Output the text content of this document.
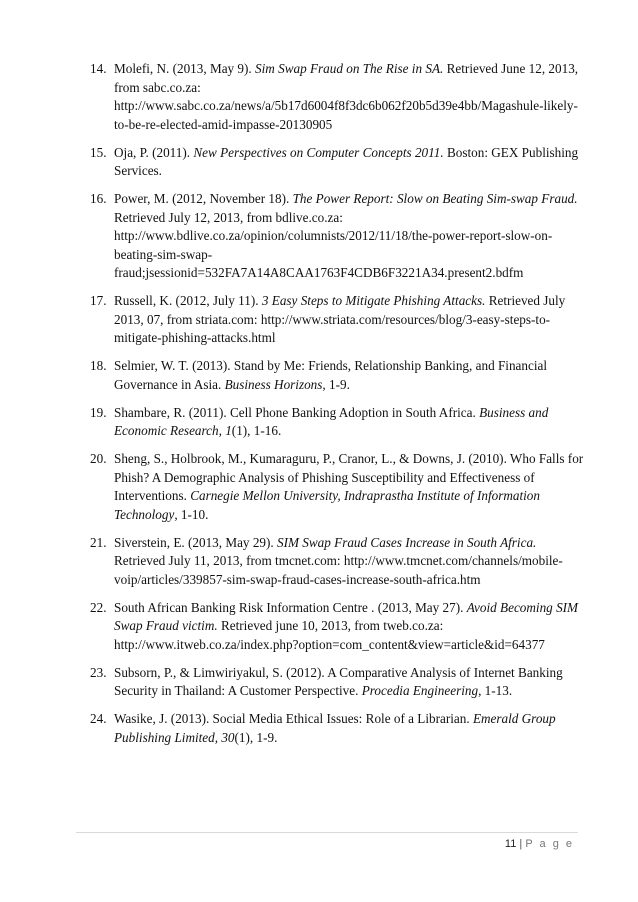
14. Molefi, N. (2013, May 9). Sim Swap Fraud on The Rise in SA. Retrieved June 12, 2013,
from sabc.co.za:
http://www.sabc.co.za/news/a/5b17d6004f8f3dc6b062f20b5d39e4bb/Magashule-likely-
to-be-re-elected-amid-impasse-20130905
15. Oja, P. (2011). New Perspectives on Computer Concepts 2011. Boston: GEX Publishing
Services.
16. Power, M. (2012, November 18). The Power Report: Slow on Beating Sim-swap Fraud.
Retrieved July 12, 2013, from bdlive.co.za:
http://www.bdlive.co.za/opinion/columnists/2012/11/18/the-power-report-slow-on-
beating-sim-swap-
fraud;jsessionid=532FA7A14A8CAA1763F4CDB6F3221A34.present2.bdfm
17. Russell, K. (2012, July 11). 3 Easy Steps to Mitigate Phishing Attacks. Retrieved July
2013, 07, from striata.com: http://www.striata.com/resources/blog/3-easy-steps-to-
mitigate-phishing-attacks.html
18. Selmier, W. T. (2013). Stand by Me: Friends, Relationship Banking, and Financial
Governance in Asia. Business Horizons, 1-9.
19. Shambare, R. (2011). Cell Phone Banking Adoption in South Africa. Business and
Economic Research, 1(1), 1-16.
20. Sheng, S., Holbrook, M., Kumaraguru, P., Cranor, L., & Downs, J. (2010). Who Falls for
Phish? A Demographic Analysis of Phishing Susceptibility and Effectiveness of
Interventions. Carnegie Mellon University, Indraprastha Institute of Information
Technology, 1-10.
21. Siverstein, E. (2013, May 29). SIM Swap Fraud Cases Increase in South Africa.
Retrieved July 11, 2013, from tmcnet.com: http://www.tmcnet.com/channels/mobile-
voip/articles/339857-sim-swap-fraud-cases-increase-south-africa.htm
22. South African Banking Risk Information Centre . (2013, May 27). Avoid Becoming SIM
Swap Fraud victim. Retrieved june 10, 2013, from tweb.co.za:
http://www.itweb.co.za/index.php?option=com_content&view=article&id=64377
23. Subsorn, P., & Limwiriyakul, S. (2012). A Comparative Analysis of Internet Banking
Security in Thailand: A Customer Perspective. Procedia Engineering, 1-13.
24. Wasike, J. (2013). Social Media Ethical Issues: Role of a Librarian. Emerald Group
Publishing Limited, 30(1), 1-9.
11 | P a g e
